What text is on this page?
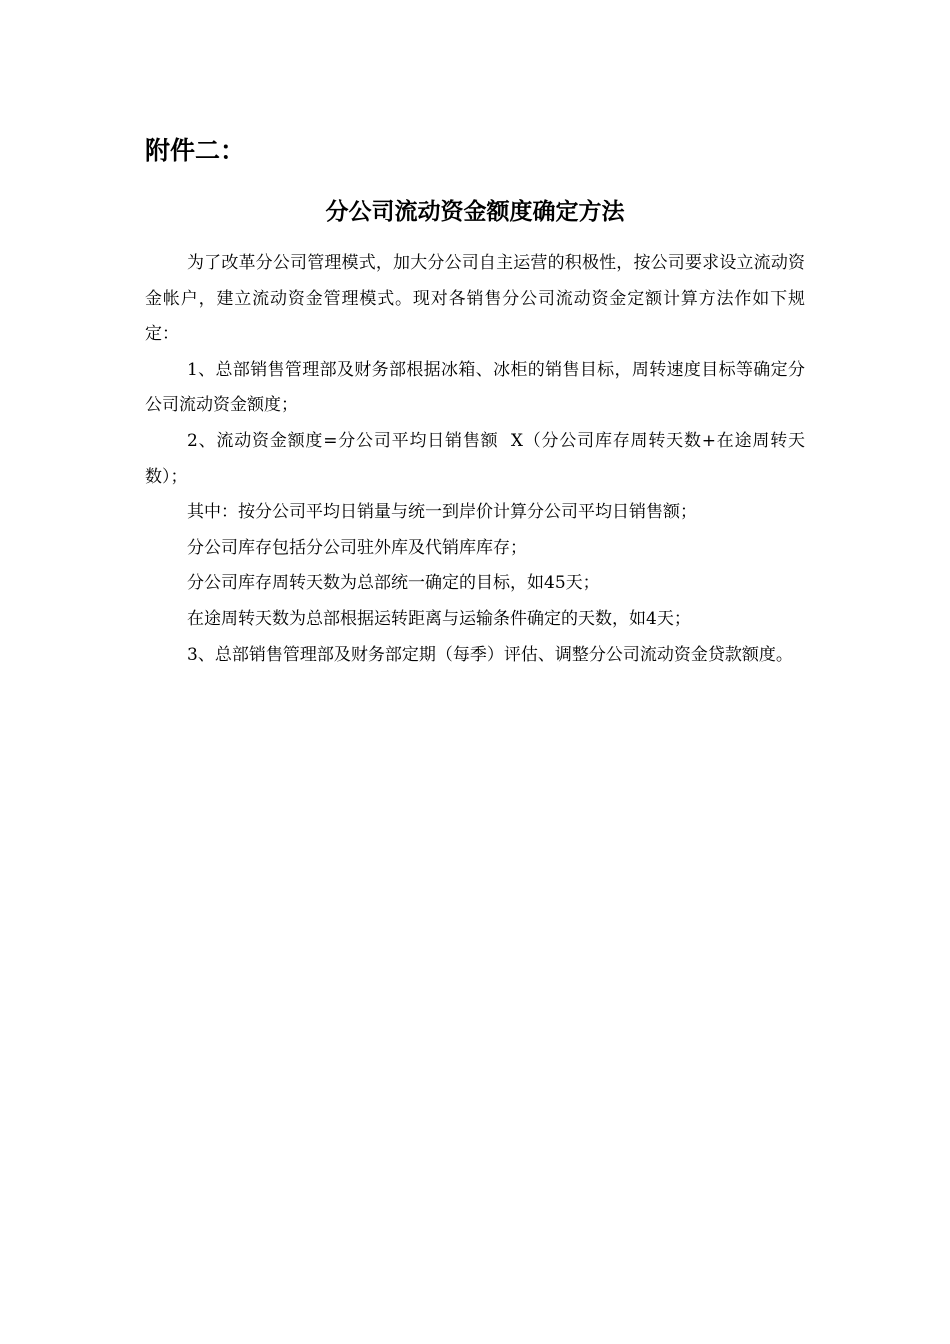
附件二：
分公司流动资金额度确定方法

为了改革分公司管理模式，加大分公司自主运营的积极性，按公司要求设立流动资金帐户，建立流动资金管理模式。现对各销售分公司流动资金定额计算方法作如下规定：

1、总部销售管理部及财务部根据冰箱、冰柜的销售目标，周转速度目标等确定分公司流动资金额度；

2、流动资金额度=分公司平均日销售额  X（分公司库存周转天数+在途周转天数）；

其中：按分公司平均日销量与统一到岸价计算分公司平均日销售额；

分公司库存包括分公司驻外库及代销库库存；

分公司库存周转天数为总部统一确定的目标，如45天；

在途周转天数为总部根据运转距离与运输条件确定的天数，如4天；

3、总部销售管理部及财务部定期（每季）评估、调整分公司流动资金贷款额度。
